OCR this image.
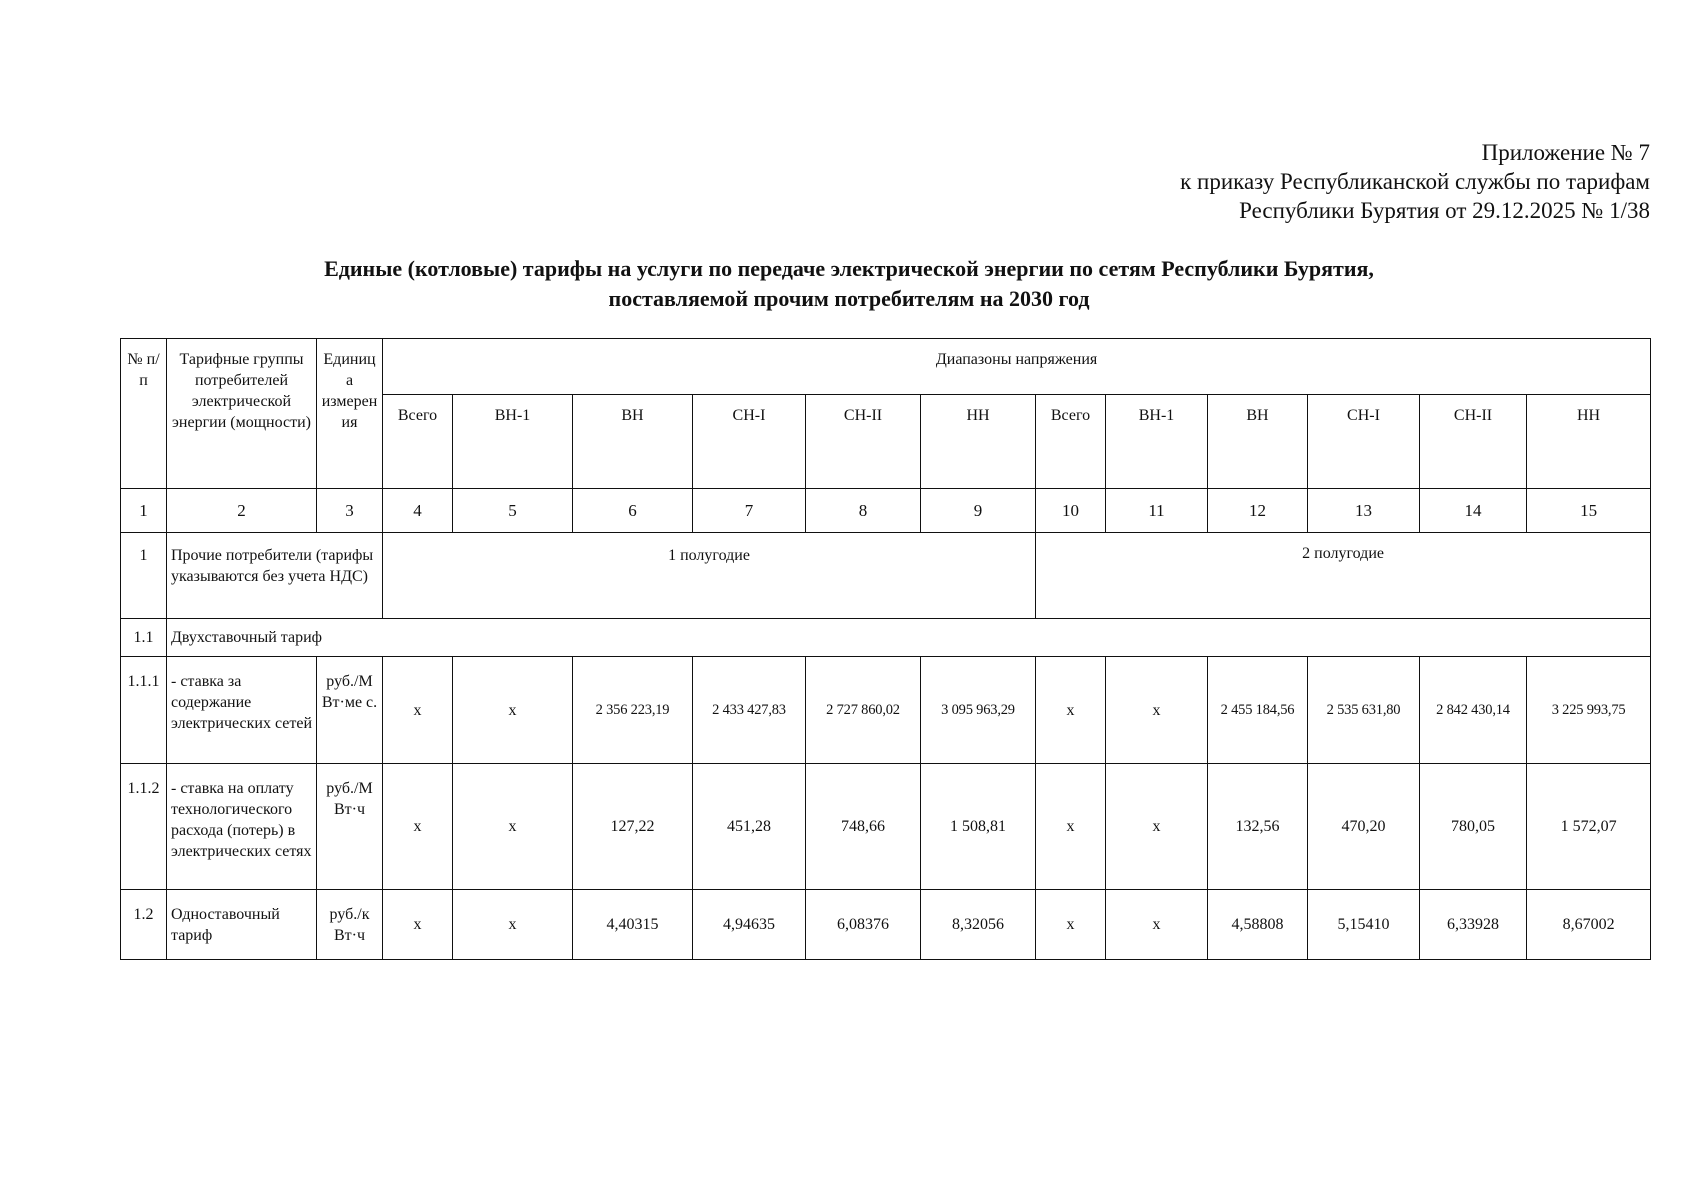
Приложение № 7
к приказу Республиканской службы по тарифам
Республики Бурятия от 29.12.2025 № 1/38
Единые (котловые) тарифы на услуги по передаче электрической энергии по сетям Республики Бурятия,
поставляемой прочим потребителям на 2030 год
№ п/п	Тарифные группы потребителей электрической энергии (мощности)	Единиц а измерен ия	Диапазоны напряжения											
			Всего	ВН-1	ВН	СН-I	СН-II	НН	Всего	ВН-1	ВН	СН-I	СН-II	НН
1	2	3	4	5	6	7	8	9	10	11	12	13	14	15
1	Прочие потребители (тарифы указываются без учета НДС)		1 полугодие						2 полугодие					
1.1	Двухставочный тариф													
1.1.1	- ставка за содержание электрических сетей	руб./М Вт·ме с.	x	x	2 356 223,19	2 433 427,83	2 727 860,02	3 095 963,29	x	x	2 455 184,56	2 535 631,80	2 842 430,14	3 225 993,75
1.1.2	- ставка на оплату технологического расхода (потерь) в электрических сетях	руб./М Вт·ч	x	x	127,22	451,28	748,66	1 508,81	x	x	132,56	470,20	780,05	1 572,07
1.2	Одноставочный тариф	руб./к Вт·ч	x	x	4,40315	4,94635	6,08376	8,32056	x	x	4,58808	5,15410	6,33928	8,67002
